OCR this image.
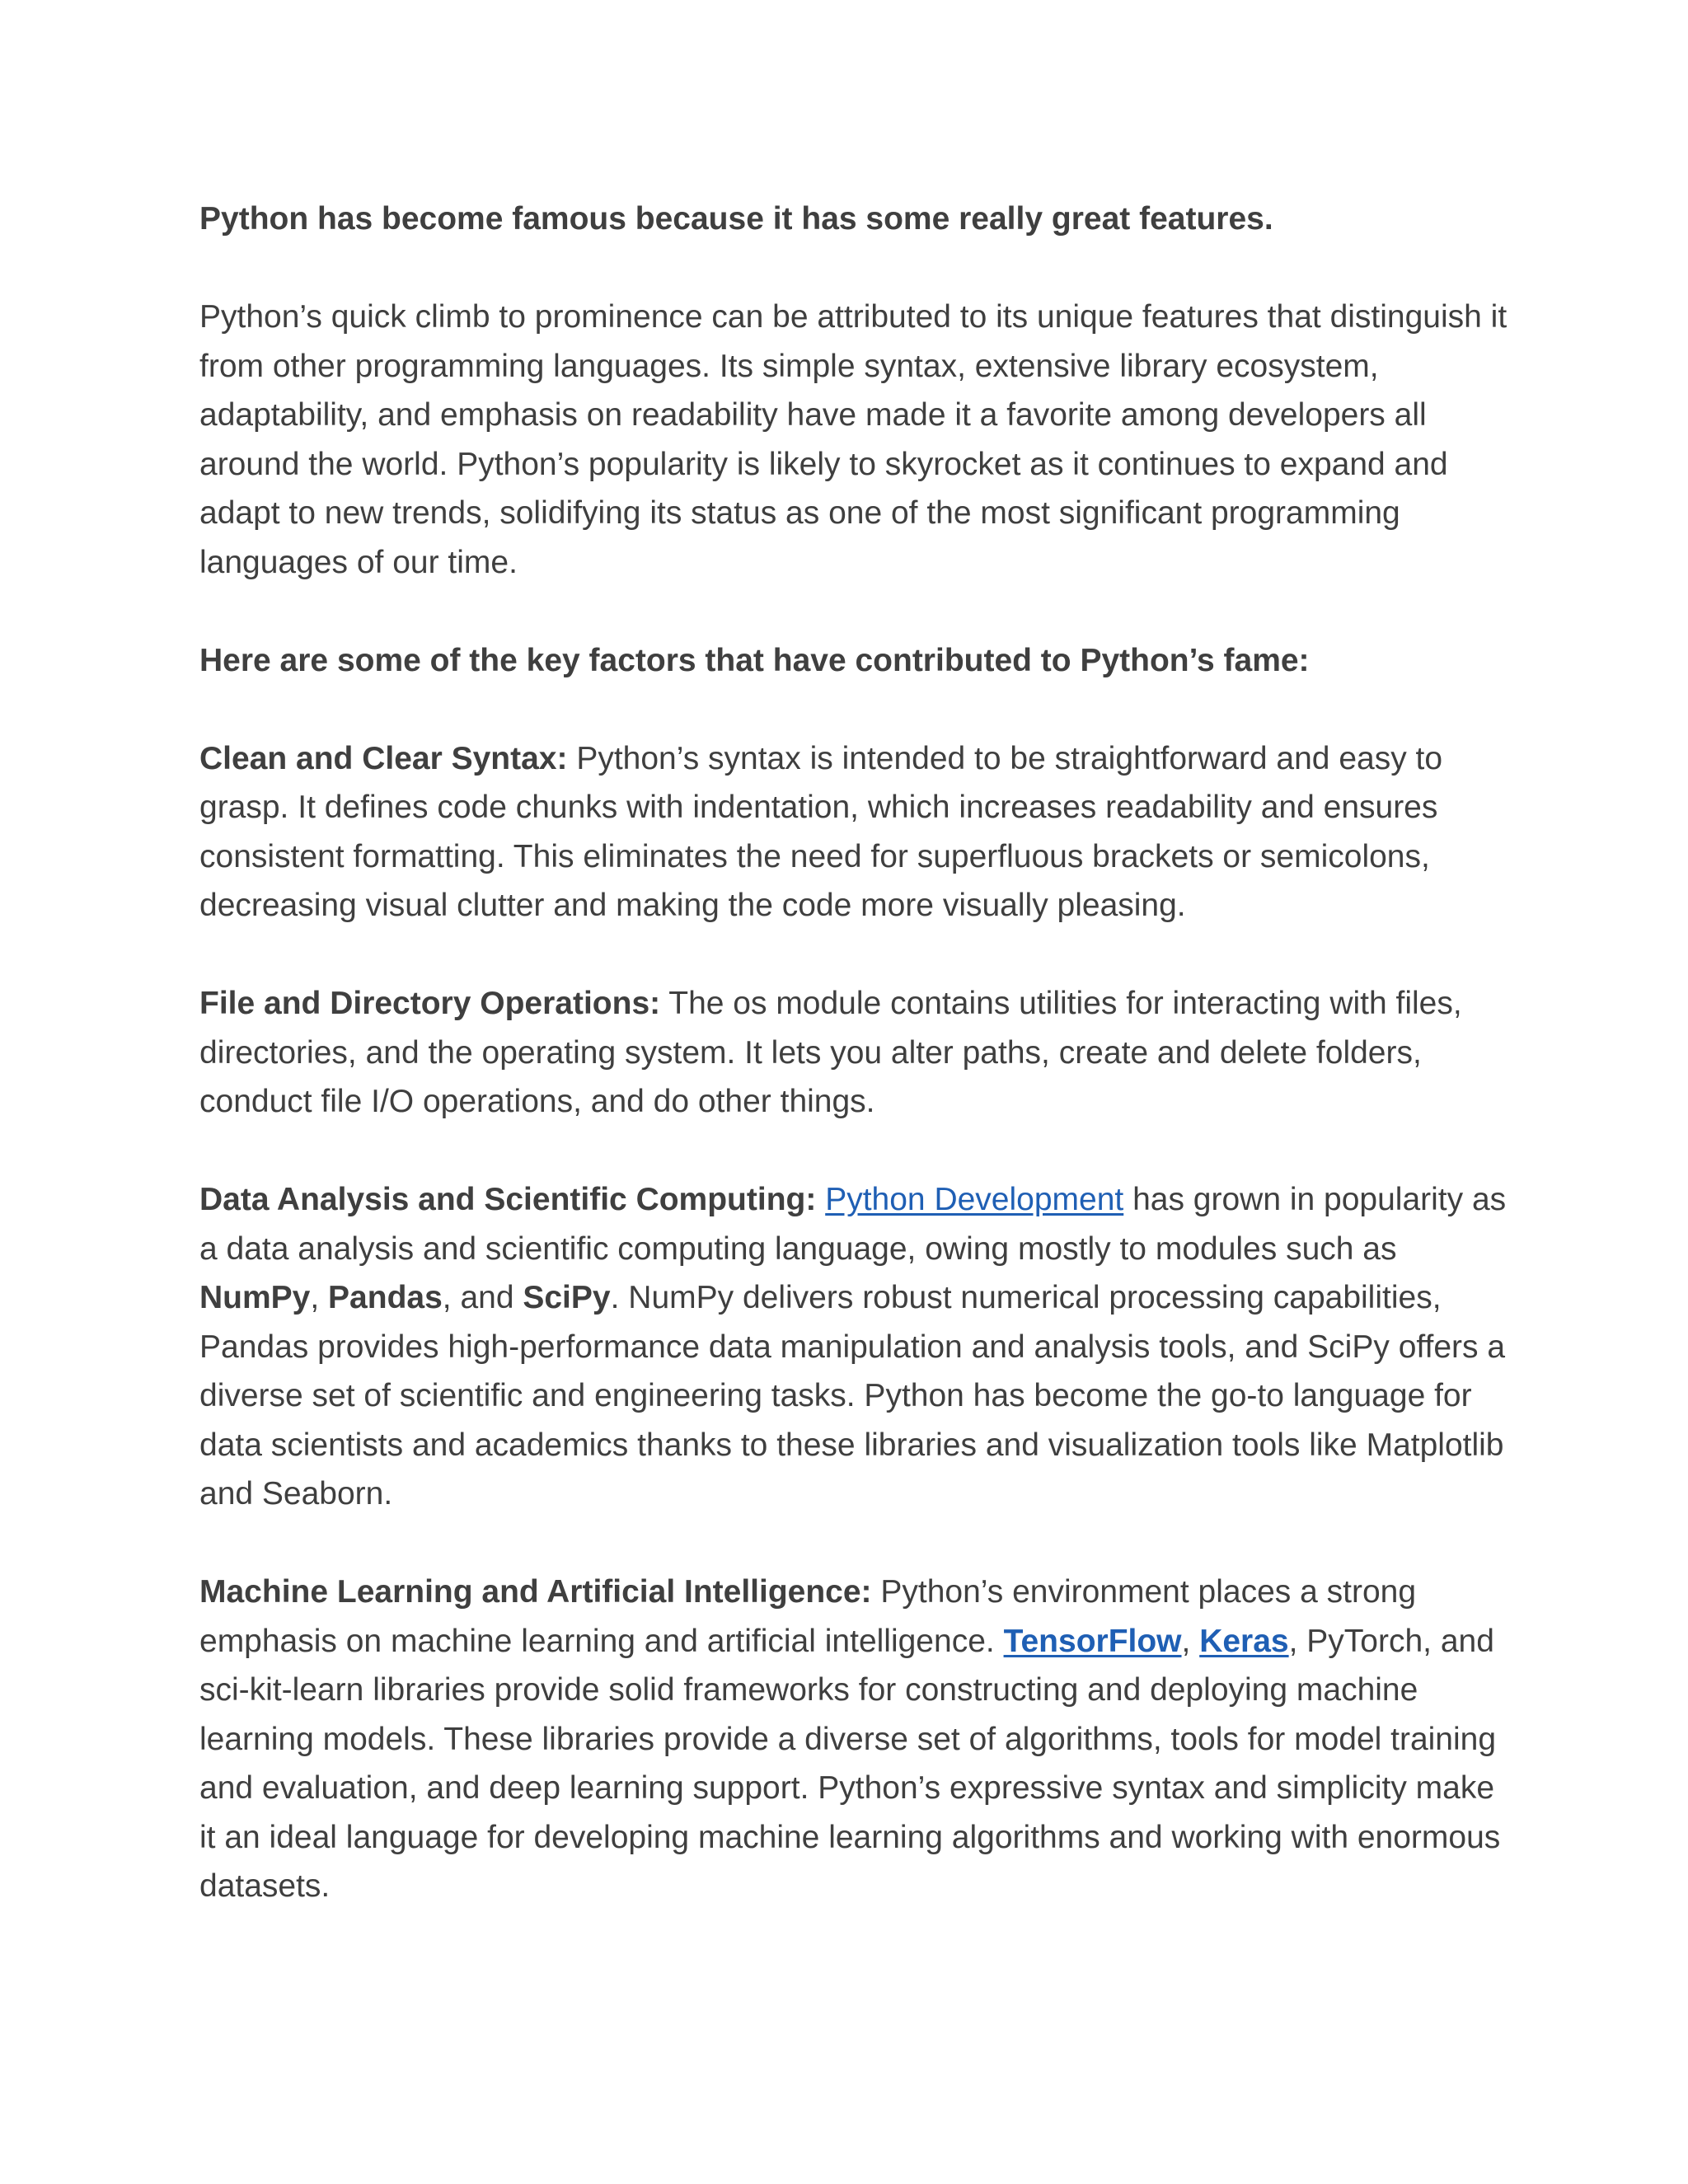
Python has become famous because it has some really great features.

Python’s quick climb to prominence can be attributed to its unique features that distinguish it from other programming languages. Its simple syntax, extensive library ecosystem, adaptability, and emphasis on readability have made it a favorite among developers all around the world. Python’s popularity is likely to skyrocket as it continues to expand and adapt to new trends, solidifying its status as one of the most significant programming languages of our time.

Here are some of the key factors that have contributed to Python’s fame:

Clean and Clear Syntax: Python’s syntax is intended to be straightforward and easy to grasp. It defines code chunks with indentation, which increases readability and ensures consistent formatting. This eliminates the need for superfluous brackets or semicolons, decreasing visual clutter and making the code more visually pleasing.

File and Directory Operations: The os module contains utilities for interacting with files, directories, and the operating system. It lets you alter paths, create and delete folders, conduct file I/O operations, and do other things.

Data Analysis and Scientific Computing: Python Development has grown in popularity as a data analysis and scientific computing language, owing mostly to modules such as NumPy, Pandas, and SciPy. NumPy delivers robust numerical processing capabilities, Pandas provides high-performance data manipulation and analysis tools, and SciPy offers a diverse set of scientific and engineering tasks. Python has become the go-to language for data scientists and academics thanks to these libraries and visualization tools like Matplotlib and Seaborn.

Machine Learning and Artificial Intelligence: Python’s environment places a strong emphasis on machine learning and artificial intelligence. TensorFlow, Keras, PyTorch, and sci-kit-learn libraries provide solid frameworks for constructing and deploying machine learning models. These libraries provide a diverse set of algorithms, tools for model training and evaluation, and deep learning support. Python’s expressive syntax and simplicity make it an ideal language for developing machine learning algorithms and working with enormous datasets.
